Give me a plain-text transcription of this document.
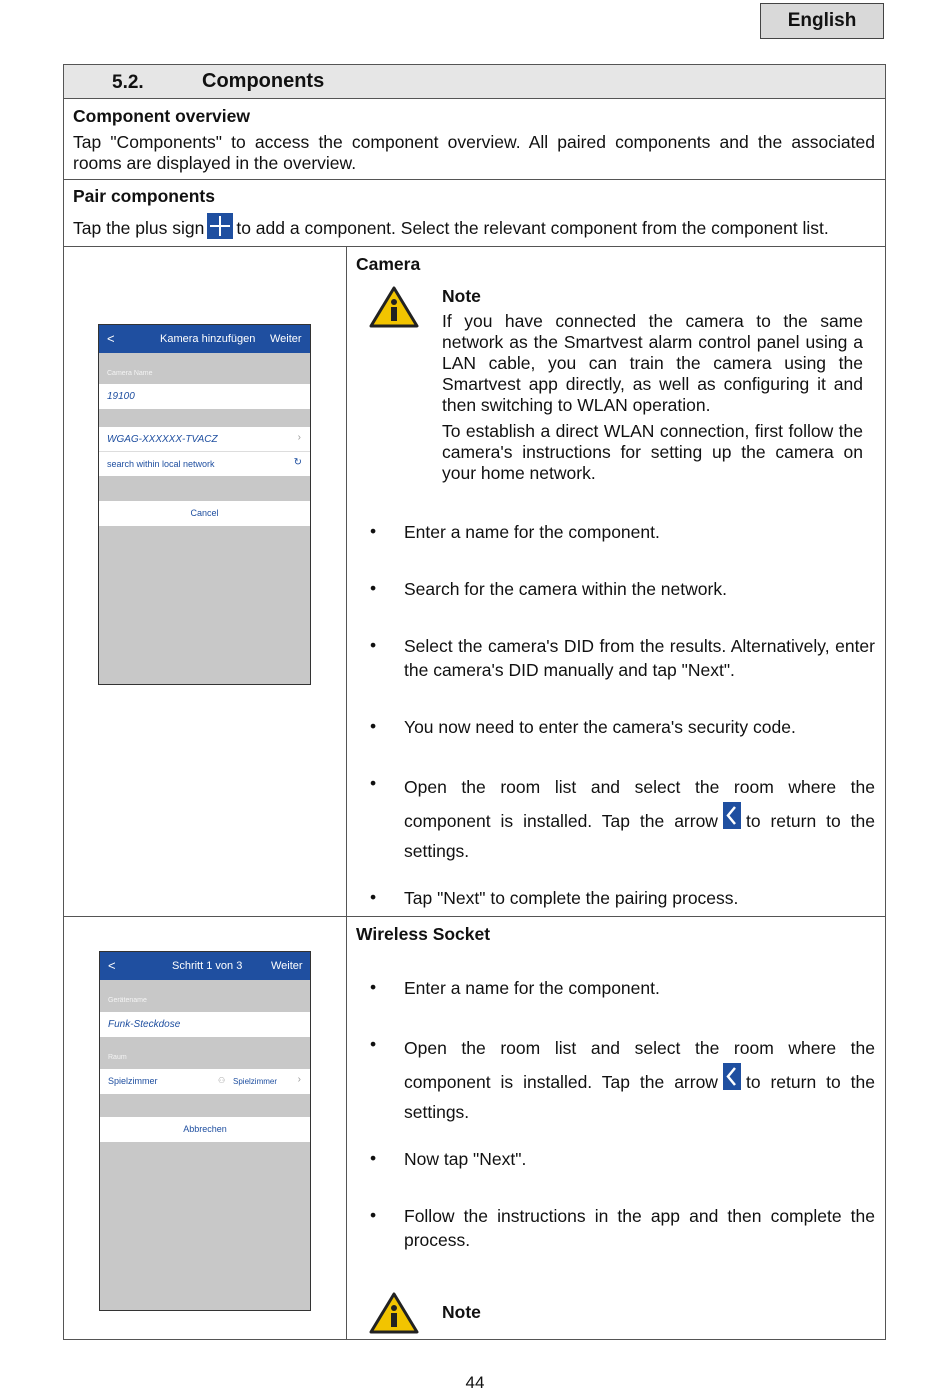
English
5.2.	Components
Component overview
Tap "Components" to access the component overview. All paired components and the associated rooms are displayed in the overview.
Pair components
Tap the plus sign to add a component. Select the relevant component from the component list.
<	Kamera hinzufügen Weiter
Camera Name
19100
WGAG-XXXXXX-TVACZ	›
search within local network	↻
Cancel
Camera
Note
If you have connected the camera to the same network as the Smartvest alarm control panel using a LAN cable, you can train the camera using the Smartvest app directly, as well as configuring it and then switching to WLAN operation.
To establish a direct WLAN connection, first follow the camera's instructions for setting up the camera on your home network.
• Enter a name for the component.
• Search for the camera within the network.
• Select the camera's DID from the results. Alternatively, enter the camera's DID manually and tap "Next".
• You now need to enter the camera's security code.
• Open the room list and select the room where the component is installed. Tap the arrow to return to the settings.
• Tap "Next" to complete the pairing process.
<	Schritt 1 von 3	Weiter
Gerätename
Funk-Steckdose
Raum
Spielzimmer	⚇ Spielzimmer ›
Abbrechen
Wireless Socket
• Enter a name for the component.
• Open the room list and select the room where the component is installed. Tap the arrow to return to the settings.
• Now tap "Next".
• Follow the instructions in the app and then complete the process.
Note
44
